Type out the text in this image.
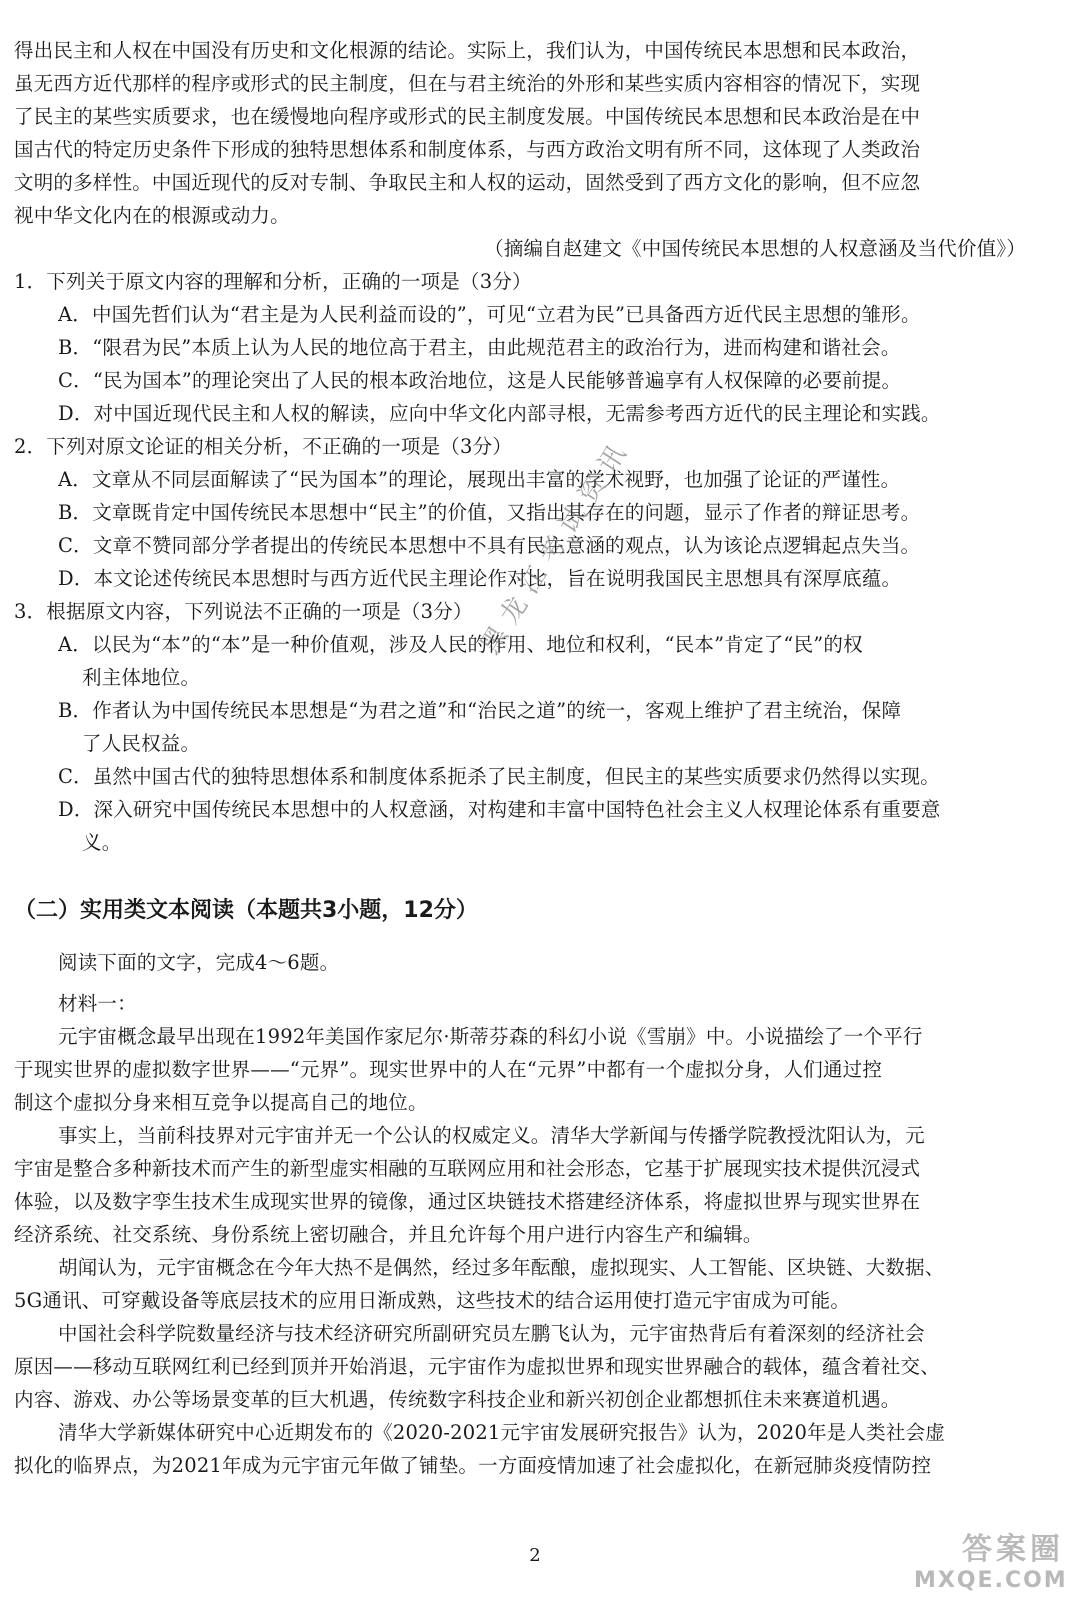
得出民主和人权在中国没有历史和文化根源的结论。实际上，我们认为，中国传统民本思想和民本政治，
虽无西方近代那样的程序或形式的民主制度，但在与君主统治的外形和某些实质内容相容的情况下，实现
了民主的某些实质要求，也在缓慢地向程序或形式的民主制度发展。中国传统民本思想和民本政治是在中
国古代的特定历史条件下形成的独特思想体系和制度体系，与西方政治文明有所不同，这体现了人类政治
文明的多样性。中国近现代的反对专制、争取民主和人权的运动，固然受到了西方文化的影响，但不应忽
视中华文化内在的根源或动力。
（摘编自赵建文《中国传统民本思想的人权意涵及当代价值》）
1．下列关于原文内容的理解和分析，正确的一项是（3分）
A．中国先哲们认为“君主是为人民利益而设的”，可见“立君为民”已具备西方近代民主思想的雏形。
B．“限君为民”本质上认为人民的地位高于君主，由此规范君主的政治行为，进而构建和谐社会。
C．“民为国本”的理论突出了人民的根本政治地位，这是人民能够普遍享有人权保障的必要前提。
D．对中国近现代民主和人权的解读，应向中华文化内部寻根，无需参考西方近代的民主理论和实践。
2．下列对原文论证的相关分析，不正确的一项是（3分）
A．文章从不同层面解读了“民为国本”的理论，展现出丰富的学术视野，也加强了论证的严谨性。
B．文章既肯定中国传统民本思想中“民主”的价值，又指出其存在的问题，显示了作者的辩证思考。
C．文章不赞同部分学者提出的传统民本思想中不具有民主意涵的观点，认为该论点逻辑起点失当。
D．本文论述传统民本思想时与西方近代民主理论作对比，旨在说明我国民主思想具有深厚底蕴。
3．根据原文内容，下列说法不正确的一项是（3分）
A．以民为“本”的“本”是一种价值观，涉及人民的作用、地位和权利，“民本”肯定了“民”的权
利主体地位。
B．作者认为中国传统民本思想是“为君之道”和“治民之道”的统一，客观上维护了君主统治，保障
了人民权益。
C．虽然中国古代的独特思想体系和制度体系扼杀了民主制度，但民主的某些实质要求仍然得以实现。
D．深入研究中国传统民本思想中的人权意涵，对构建和丰富中国特色社会主义人权理论体系有重要意
义。
（二）实用类文本阅读（本题共3小题，12分）
阅读下面的文字，完成4～6题。
材料一：
元宇宙概念最早出现在1992年美国作家尼尔·斯蒂芬森的科幻小说《雪崩》中。小说描绘了一个平行
于现实世界的虚拟数字世界——“元界”。现实世界中的人在“元界”中都有一个虚拟分身，人们通过控
制这个虚拟分身来相互竞争以提高自己的地位。
事实上，当前科技界对元宇宙并无一个公认的权威定义。清华大学新闻与传播学院教授沈阳认为，元
宇宙是整合多种新技术而产生的新型虚实相融的互联网应用和社会形态，它基于扩展现实技术提供沉浸式
体验，以及数字孪生技术生成现实世界的镜像，通过区块链技术搭建经济体系，将虚拟世界与现实世界在
经济系统、社交系统、身份系统上密切融合，并且允许每个用户进行内容生产和编辑。
胡闻认为，元宇宙概念在今年大热不是偶然，经过多年酝酿，虚拟现实、人工智能、区块链、大数据、
5G通讯、可穿戴设备等底层技术的应用日渐成熟，这些技术的结合运用使打造元宇宙成为可能。
中国社会科学院数量经济与技术经济研究所副研究员左鹏飞认为，元宇宙热背后有着深刻的经济社会
原因——移动互联网红利已经到顶并开始消退，元宇宙作为虚拟世界和现实世界融合的载体，蕴含着社交、
内容、游戏、办公等场景变革的巨大机遇，传统数字科技企业和新兴初创企业都想抓住未来赛道机遇。
清华大学新媒体研究中心近期发布的《2020-2021元宇宙发展研究报告》认为，2020年是人类社会虚
拟化的临界点，为2021年成为元宇宙元年做了铺垫。一方面疫情加速了社会虚拟化，在新冠肺炎疫情防控
黑龙江考试资讯
2	答案圈
MXQE.COM
